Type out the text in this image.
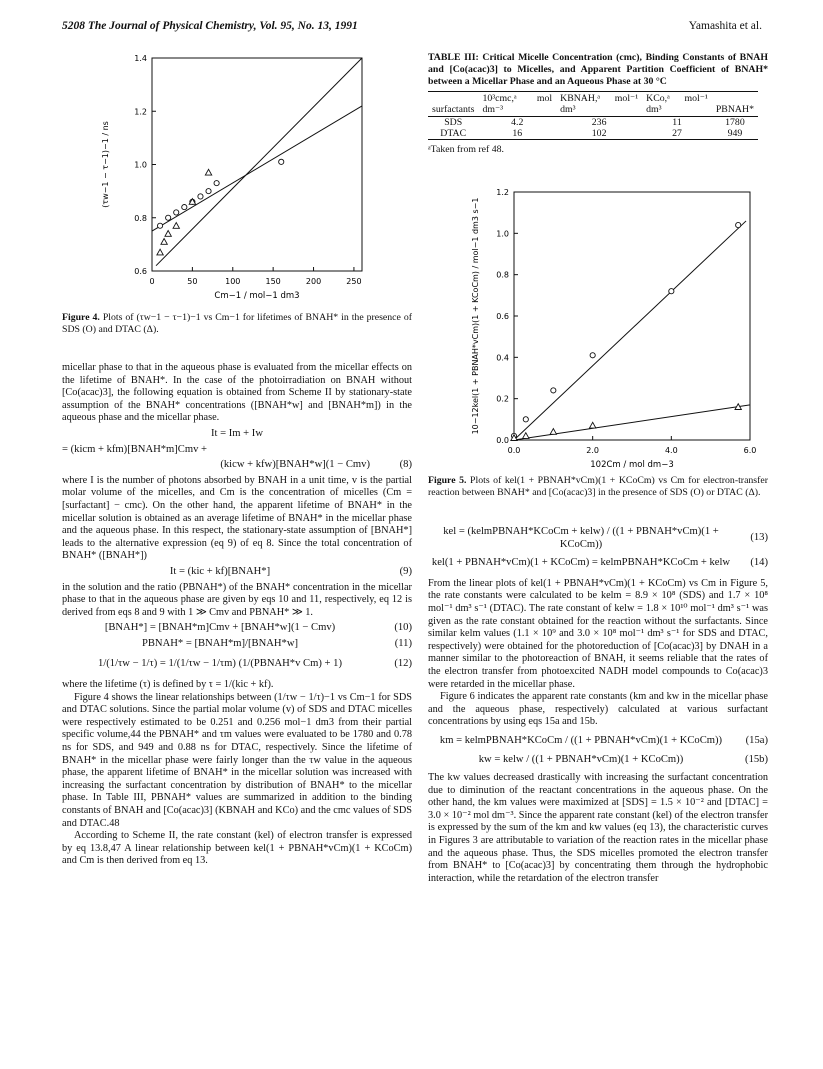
5208 The Journal of Physical Chemistry, Vol. 95, No. 13, 1991	Yamashita et al.
0	50	100	150	200	250
0.6
0.8
1.0
1.2
1.4
Cm−1 / mol−1 dm3
(τw−1 − τ−1)−1 / ns
Figure 4. Plots of (τw−1 − τ−1)−1 vs Cm−1 for lifetimes of BNAH* in the presence of SDS (O) and DTAC (Δ).

micellar phase to that in the aqueous phase is evaluated from the micellar effects on the lifetime of BNAH*. In the case of the photoirradiation on BNAH without [Co(acac)3], the following equation is obtained from Scheme II by stationary-state assumption of the BNAH* concentrations ([BNAH*w] and [BNAH*m]) in the aqueous phase and the micellar phase.

It = Im + Iw
= (kicm + kfm)[BNAH*m]Cmv +
(kicw + kfw)[BNAH*w](1 − Cmv)	(8)

where I is the number of photons absorbed by BNAH in a unit time, v is the partial molar volume of the micelles, and Cm is the concentration of micelles (Cm = [surfactant] − cmc). On the other hand, the apparent lifetime of BNAH* in the micellar solution is obtained as an average lifetime of BNAH* in the micellar phase and the aqueous phase. In this respect, the stationary-state assumption of [BNAH*] leads to the alternative expression (eq 9) of eq 8. Since the total concentration of BNAH* ([BNAH*])

It = (kic + kf)[BNAH*]	(9)

in the solution and the ratio (PBNAH*) of the BNAH* concentration in the micellar phase to that in the aqueous phase are given by eqs 10 and 11, respectively, eq 12 is derived from eqs 8 and 9 with 1 ≫ Cmv and PBNAH* ≫ 1.

[BNAH*] = [BNAH*m]Cmv + [BNAH*w](1 − Cmv)	(10)
PBNAH* = [BNAH*m]/[BNAH*w]	(11)
1/(1/τw − 1/τ) = 1/(1/τw − 1/τm) (1/(PBNAH*v Cm) + 1)	(12)

where the lifetime (τ) is defined by τ = 1/(kic + kf).

Figure 4 shows the linear relationships between (1/τw − 1/τ)−1 vs Cm−1 for SDS and DTAC solutions. Since the partial molar volume (v) of SDS and DTAC micelles were respectively estimated to be 0.251 and 0.256 mol−1 dm3 from their partial specific volume,44 the PBNAH* and τm values were evaluated to be 1780 and 0.78 ns for SDS, and 949 and 0.88 ns for DTAC, respectively. Since the lifetime of BNAH* in the micellar phase were fairly longer than the τw value in the aqueous phase, the apparent lifetime of BNAH* in the micellar solution was increased with increasing the surfactant concentration by distribution of BNAH* to the micellar phase. In Table III, PBNAH* values are summarized in addition to the binding constants of BNAH and [Co(acac)3] (KBNAH and KCo) and the cmc values of SDS and DTAC.48

According to Scheme II, the rate constant (kel) of electron transfer is expressed by eq 13.8,47 A linear relationship between kel(1 + PBNAH*vCm)(1 + KCoCm) and Cm is then derived from eq 13.

TABLE III: Critical Micelle Concentration (cmc), Binding Constants of BNAH and [Co(acac)3] to Micelles, and Apparent Partition Coefficient of BNAH* between a Micellar Phase and an Aqueous Phase at 30 °C

surfactants	10³cmc,ᵃ mol dm⁻³	KBNAH,ᵃ mol⁻¹ dm³	KCo,ᵃ mol⁻¹ dm³	PBNAH*
SDS	4.2	236	11	1780
DTAC	16	102	27	949

ᵃTaken from ref 48.

0.0	2.0	4.0	6.0
0.0
0.2
0.4
0.6
0.8
1.0
1.2
102Cm / mol dm−3
10−12kel(1 + PBNAH*vCm)(1 + KCoCm) / mol−1 dm3 s−1
Figure 5. Plots of kel(1 + PBNAH*vCm)(1 + KCoCm) vs Cm for electron-transfer reaction between BNAH* and [Co(acac)3] in the presence of SDS (O) or DTAC (Δ).
kel = (kelmPBNAH*KCoCm + kelw) / ((1 + PBNAH*vCm)(1 + KCoCm))
(13)
kel(1 + PBNAH*vCm)(1 + KCoCm) = kelmPBNAH*KCoCm + kelw	(14)

From the linear plots of kel(1 + PBNAH*vCm)(1 + KCoCm) vs Cm in Figure 5, the rate constants were calculated to be kelm = 8.9 × 10⁸ (SDS) and 1.7 × 10⁸ mol⁻¹ dm³ s⁻¹ (DTAC). The rate constant of kelw = 1.8 × 10¹⁰ mol⁻¹ dm³ s⁻¹ was given as the rate constant obtained for the reaction without the surfactants. Since similar kelm values (1.1 × 10⁹ and 3.0 × 10⁸ mol⁻¹ dm³ s⁻¹ for SDS and DTAC, respectively) were obtained for the photoreduction of [Co(acac)3] by DNAH in a manner similar to the photoreaction of BNAH, it seems reliable that the rates of the electron transfer from photoexcited NADH model compounds to Co(acac)3 were retarded in the micellar phase.

Figure 6 indicates the apparent rate constants (km and kw in the micellar phase and the aqueous phase, respectively) calculated at various surfactant concentrations by using eqs 15a and 15b.

km = kelmPBNAH*KCoCm / ((1 + PBNAH*vCm)(1 + KCoCm))	(15a)
kw = kelw / ((1 + PBNAH*vCm)(1 + KCoCm))	(15b)

The kw values decreased drastically with increasing the surfactant concentration due to diminution of the reactant concentrations in the aqueous phase. On the other hand, the km values were maximized at [SDS] = 1.5 × 10⁻² and [DTAC] = 3.0 × 10⁻² mol dm⁻³. Since the apparent rate constant (kel) of the electron transfer is expressed by the sum of the km and kw values (eq 13), the characteristic curves in Figures 3 are attributable to variation of the reaction rates in the micellar phase and the aqueous phase. Thus, the SDS micelles promoted the electron transfer from BNAH* to [Co(acac)3] by concentrating them through the hydrophobic interaction, while the retardation of the electron transfer
